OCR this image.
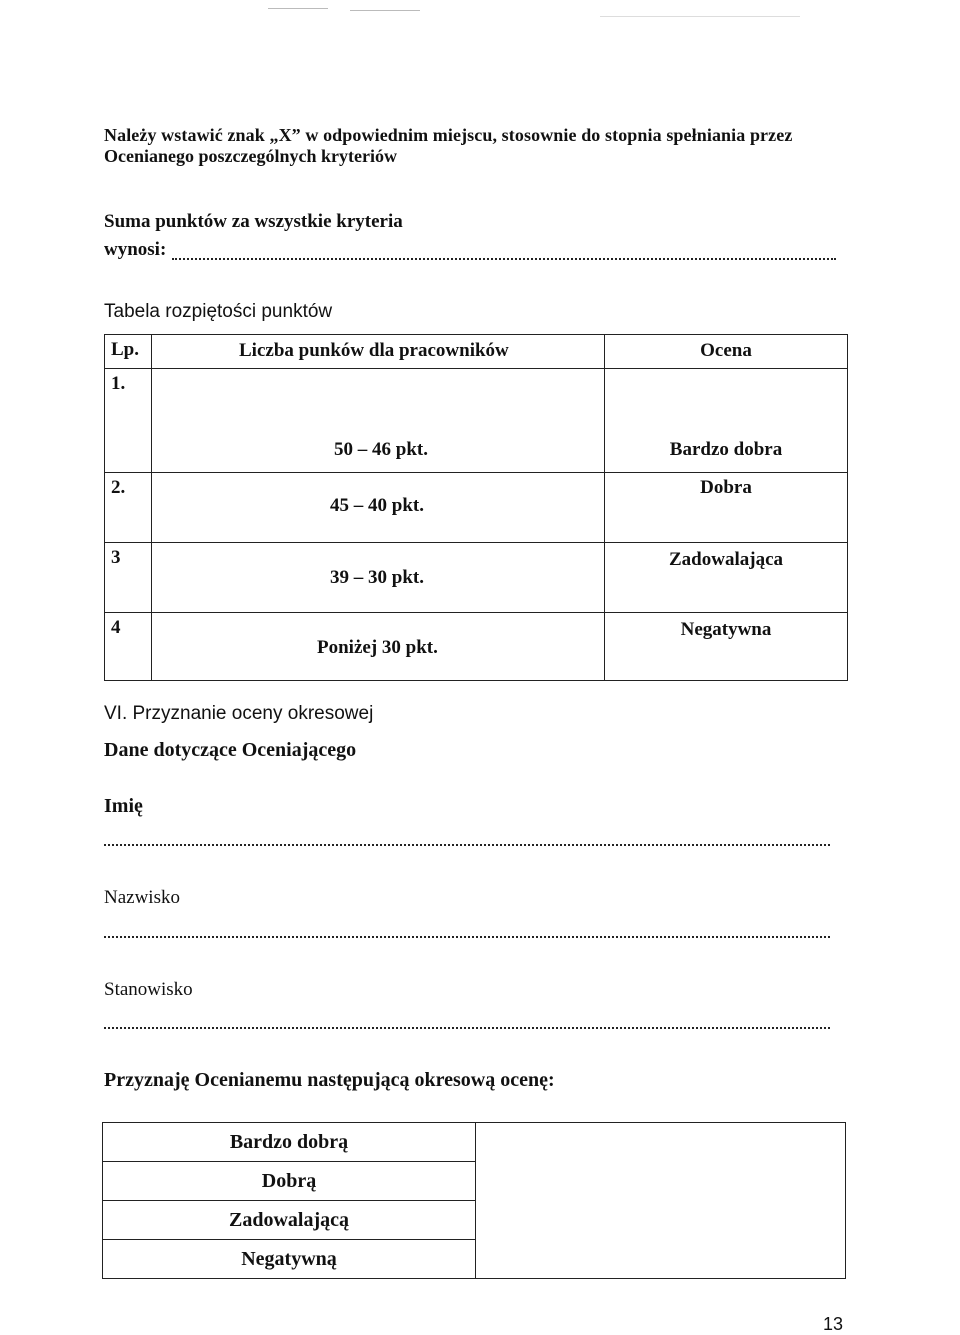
Należy wstawić znak „X” w odpowiednim miejscu, stosownie do stopnia spełniania przez
Ocenianego poszczególnych kryteriów
Suma punktów za wszystkie kryteria
wynosi:
Tabela rozpiętości punktów
Lp.	Liczba punków dla pracowników	Ocena

1.	50 – 46 pkt.	Bardzo dobra

2.	45 – 40 pkt.	Dobra

3	39 – 30 pkt.	Zadowalająca

4	Poniżej 30 pkt.	Negatywna
VI. Przyznanie oceny okresowej
Dane dotyczące Oceniającego
Imię
Nazwisko
Stanowisko
Przyznaję Ocenianemu następującą okresową ocenę:
Bardzo dobrą	
Dobrą
Zadowalającą
Negatywną
13
